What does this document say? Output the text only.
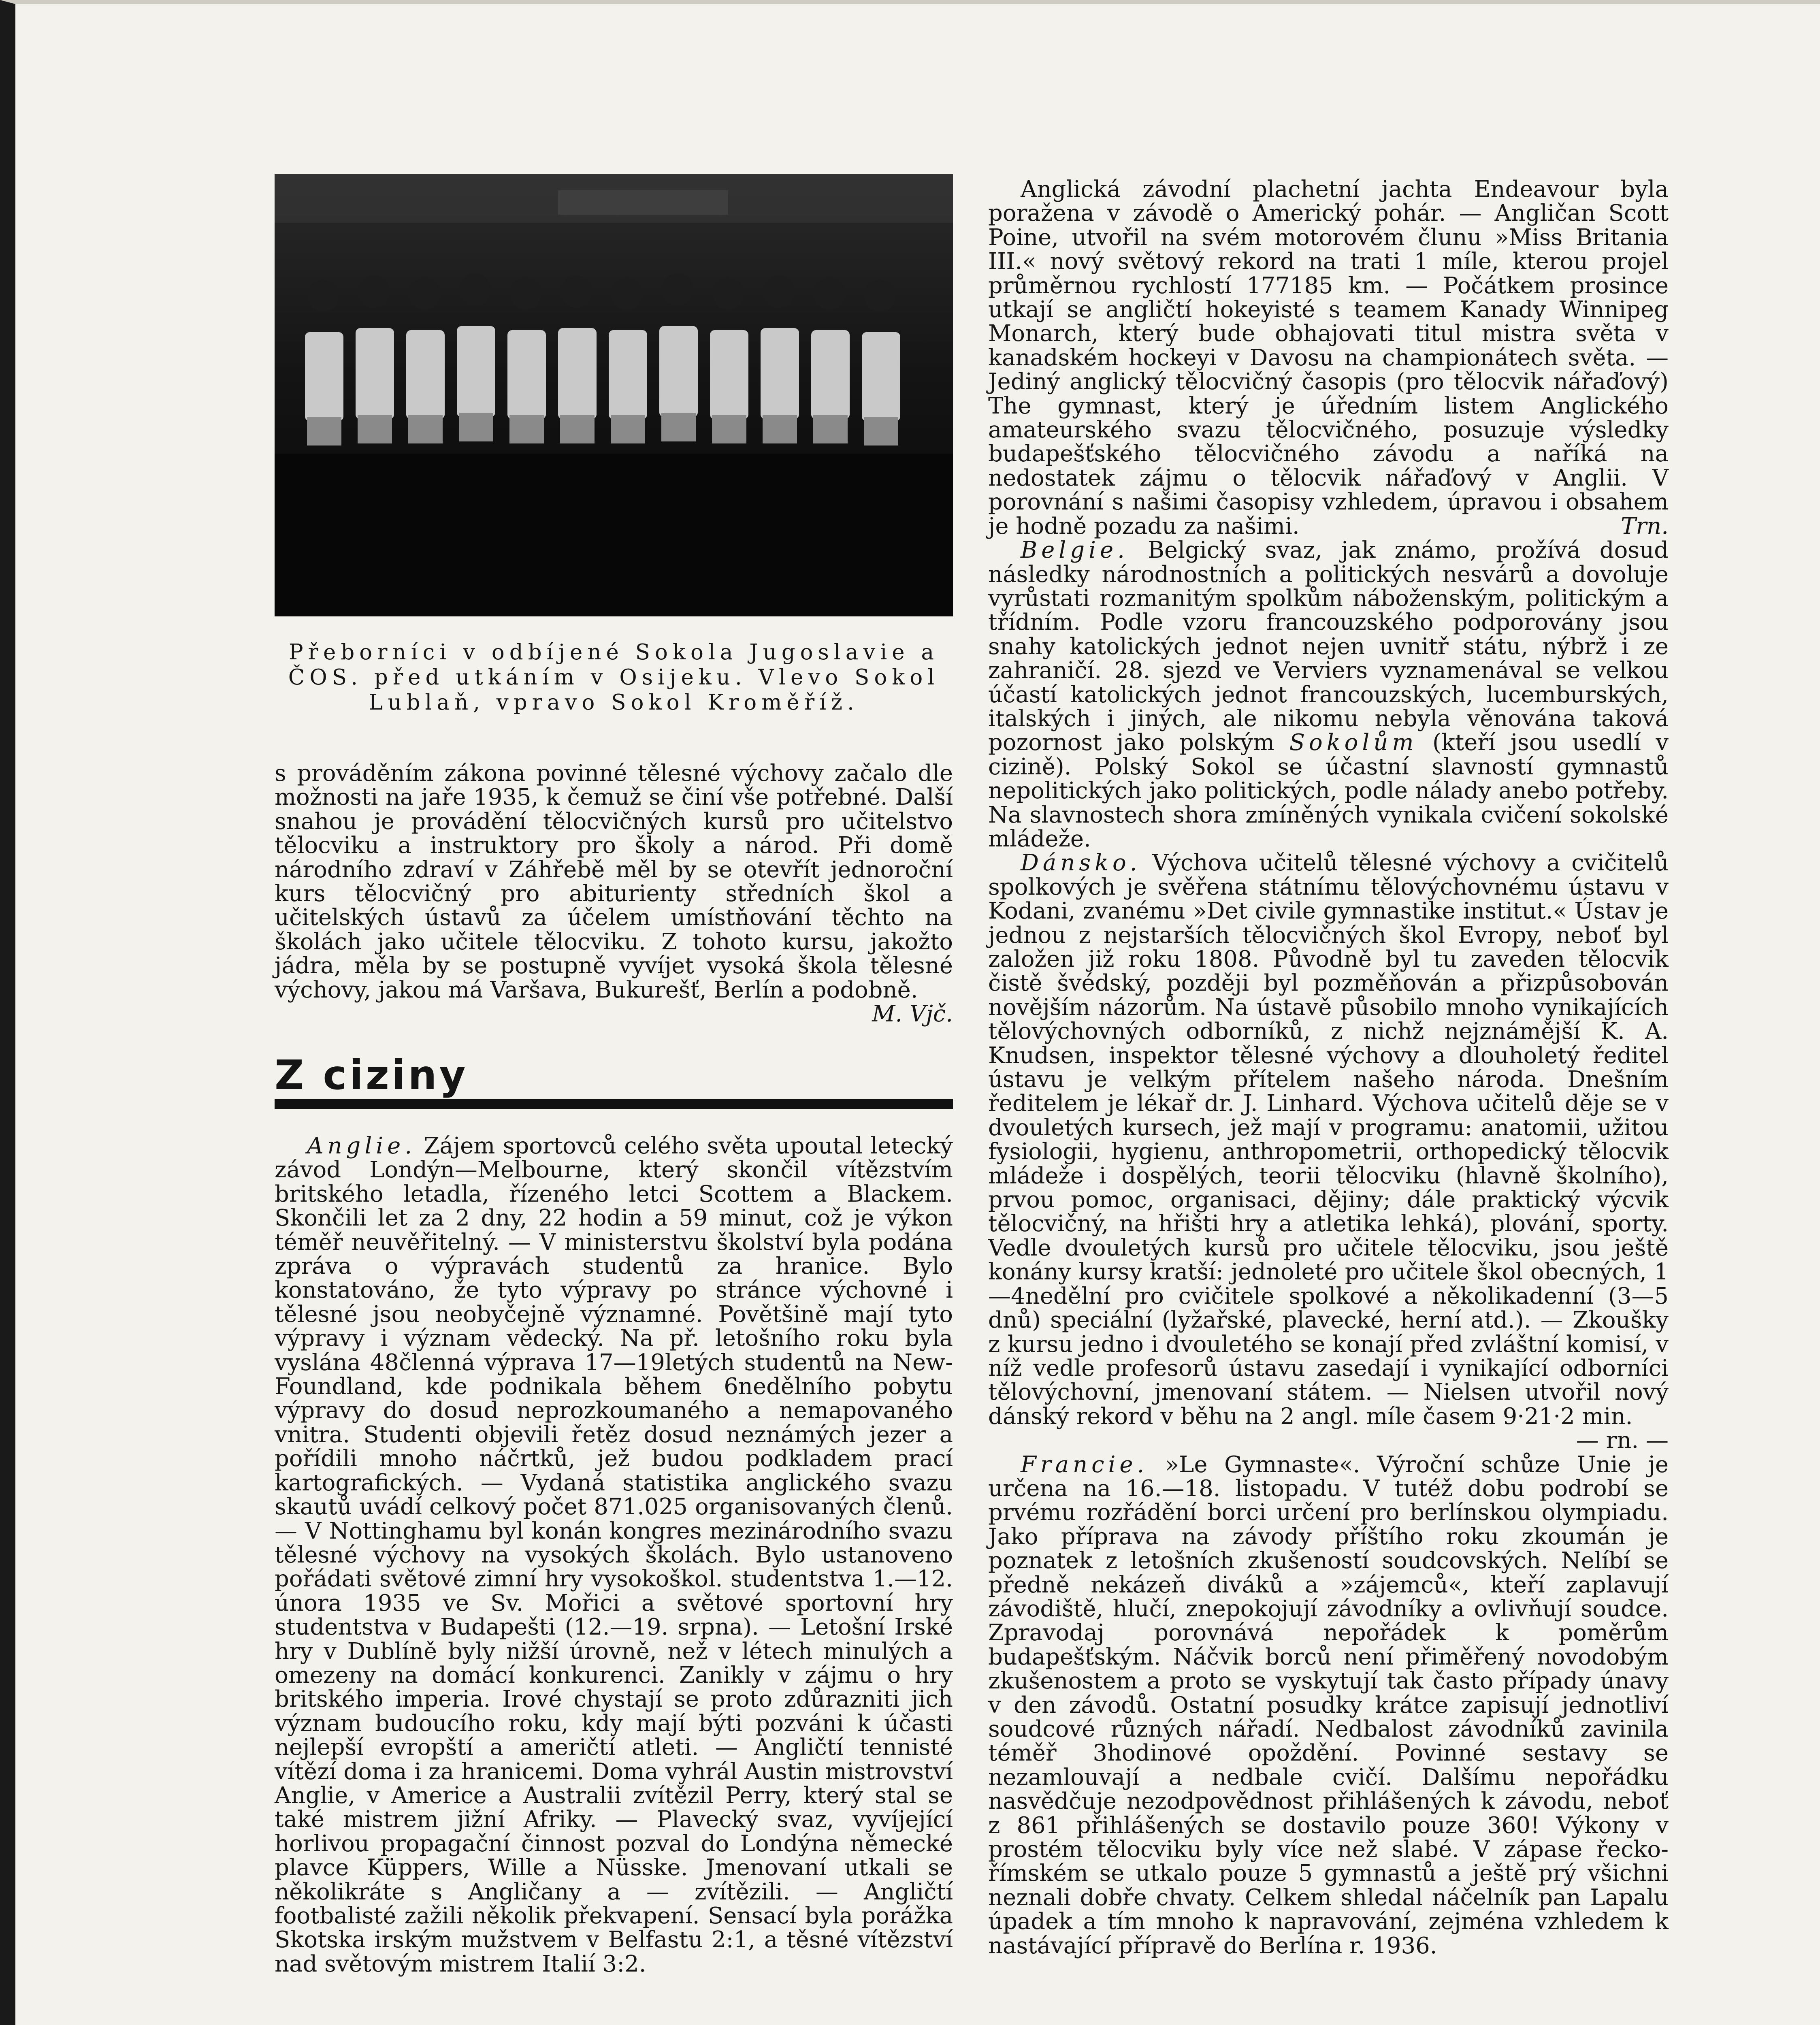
Přeborníci v odbíjené Sokola Jugoslavie a ČOS. před utkáním v Osijeku. Vlevo Sokol Lublaň, vpravo Sokol Kroměříž.

s prováděním zákona povinné tělesné výchovy začalo dle možnosti na jaře 1935, k čemuž se činí vše potřebné. Další snahou je provádění tělocvičných kursů pro učitelstvo tělocviku a instruktory pro školy a národ. Při domě národního zdraví v Záhřebě měl by se otevřít jednoroční kurs tělocvičný pro abiturienty středních škol a učitelských ústavů za účelem umístňování těchto na školách jako učitele tělocviku. Z tohoto kursu, jakožto jádra, měla by se postupně vyvíjet vysoká škola tělesné výchovy, jakou má Varšava, Bukurešť, Berlín a podobně.
M. Vjč.

Z ciziny

Anglie. Zájem sportovců celého světa upoutal letecký závod Londýn—Melbourne, který skončil vítězstvím britského letadla, řízeného letci Scottem a Blackem. Skončili let za 2 dny, 22 hodin a 59 minut, což je výkon téměř neuvěřitelný. — V ministerstvu školství byla podána zpráva o výpravách studentů za hranice. Bylo konstatováno, že tyto výpravy po stránce výchovné i tělesné jsou neobyčejně významné. Povětšině mají tyto výpravy i význam vědecký. Na př. letošního roku byla vyslána 48členná výprava 17—19letých studentů na New-Foundland, kde podnikala během 6nedělního pobytu výpravy do dosud neprozkoumaného a nemapovaného vnitra. Studenti objevili řetěz dosud neznámých jezer a pořídili mnoho náčrtků, jež budou podkladem prací kartografických. — Vydaná statistika anglického svazu skautů uvádí celkový počet 871.025 organisovaných členů. — V Nottinghamu byl konán kongres mezinárodního svazu tělesné výchovy na vysokých školách. Bylo ustanoveno pořádati světové zimní hry vysokoškol. studentstva 1.—12. února 1935 ve Sv. Mořici a světové sportovní hry studentstva v Budapešti (12.—19. srpna). — Letošní Irské hry v Dublíně byly nižší úrovně, než v létech minulých a omezeny na domácí konkurenci. Zanikly v zájmu o hry britského imperia. Irové chystají se proto zdůrazniti jich význam budoucího roku, kdy mají býti pozváni k účasti nejlepší evropští a američtí atleti. — Angličtí tennisté vítězí doma i za hranicemi. Doma vyhrál Austin mistrovství Anglie, v Americe a Australii zvítězil Perry, který stal se také mistrem jižní Afriky. — Plavecký svaz, vyvíjející horlivou propagační činnost pozval do Londýna německé plavce Küppers, Wille a Nüsske. Jmenovaní utkali se několikráte s Angličany a — zvítězili. — Angličtí footbalisté zažili několik překvapení. Sensací byla porážka Skotska irským mužstvem v Belfastu 2:1, a těsné vítězství nad světovým mistrem Italií 3:2.

Anglická závodní plachetní jachta Endeavour byla poražena v závodě o Americký pohár. — Angličan Scott Poine, utvořil na svém motorovém člunu »Miss Britania III.« nový světový rekord na trati 1 míle, kterou projel průměrnou rychlostí 177185 km. — Počátkem prosince utkají se angličtí hokeyisté s teamem Kanady Winnipeg Monarch, který bude obhajovati titul mistra světa v kanadském hockeyi v Davosu na championátech světa. — Jediný anglický tělocvičný časopis (pro tělocvik nářaďový) The gymnast, který je úředním listem Anglického amateurského svazu tělocvičného, posuzuje výsledky budapešťského tělocvičného závodu a naříká na nedostatek zájmu o tělocvik nářaďový v Anglii. V porovnání s našimi časopisy vzhledem, úpravou i obsahem je hodně pozadu za našimi.	Trn.

Belgie. Belgický svaz, jak známo, prožívá dosud následky národnostních a politických nesvárů a dovoluje vyrůstati rozmanitým spolkům náboženským, politickým a třídním. Podle vzoru francouzského podporovány jsou snahy katolických jednot nejen uvnitř státu, nýbrž i ze zahraničí. 28. sjezd ve Verviers vyznamenával se velkou účastí katolických jednot francouzských, lucemburských, italských i jiných, ale nikomu nebyla věnována taková pozornost jako polským Sokolům (kteří jsou usedlí v cizině). Polský Sokol se účastní slavností gymnastů nepolitických jako politických, podle nálady anebo potřeby. Na slavnostech shora zmíněných vynikala cvičení sokolské mládeže.

Dánsko. Výchova učitelů tělesné výchovy a cvičitelů spolkových je svěřena státnímu tělovýchovnému ústavu v Kodani, zvanému »Det civile gymnastike institut.« Ústav je jednou z nejstarších tělocvičných škol Evropy, neboť byl založen již roku 1808. Původně byl tu zaveden tělocvik čistě švédský, později byl pozměňován a přizpůsobován novějším názorům. Na ústavě působilo mnoho vynikajících tělovýchovných odborníků, z nichž nejznámější K. A. Knudsen, inspektor tělesné výchovy a dlouholetý ředitel ústavu je velkým přítelem našeho národa. Dnešním ředitelem je lékař dr. J. Linhard. Výchova učitelů děje se v dvouletých kursech, jež mají v programu: anatomii, užitou fysiologii, hygienu, anthropometrii, orthopedický tělocvik mládeže i dospělých, teorii tělocviku (hlavně školního), prvou pomoc, organisaci, dějiny; dále praktický výcvik tělocvičný, na hřišti hry a atletika lehká), plování, sporty. Vedle dvouletých kursů pro učitele tělocviku, jsou ještě konány kursy kratší: jednoleté pro učitele škol obecných, 1—4nedělní pro cvičitele spolkové a několikadenní (3—5 dnů) speciální (lyžařské, plavecké, herní atd.). — Zkoušky z kursu jedno i dvouletého se konají před zvláštní komisí, v níž vedle profesorů ústavu zasedají i vynikající odborníci tělovýchovní, jmenovaní státem. — Nielsen utvořil nový dánský rekord v běhu na 2 angl. míle časem 9·21·2 min.

— rn. —

Francie. »Le Gymnaste«. Výroční schůze Unie je určena na 16.—18. listopadu. V tutéž dobu podrobí se prvému rozřádění borci určení pro berlínskou olympiadu. Jako příprava na závody příštího roku zkoumán je poznatek z letošních zkušeností soudcovských. Nelíbí se předně nekázeň diváků a »zájemců«, kteří zaplavují závodiště, hlučí, znepokojují závodníky a ovlivňují soudce. Zpravodaj porovnává nepořádek k poměrům budapešťským. Náčvik borců není přiměřený novodobým zkušenostem a proto se vyskytují tak často případy únavy v den závodů. Ostatní posudky krátce zapisují jednotliví soudcové různých nářadí. Nedbalost závodníků zavinila téměř 3hodinové opoždění. Povinné sestavy se nezamlouvají a nedbale cvičí. Dalšímu nepořádku nasvědčuje nezodpovědnost přihlášených k závodu, neboť z 861 přihlášených se dostavilo pouze 360! Výkony v prostém tělocviku byly více než slabé. V zápase řecko-římském se utkalo pouze 5 gymnastů a ještě prý všichni neznali dobře chvaty. Celkem shledal náčelník pan Lapalu úpadek a tím mnoho k napravování, zejména vzhledem k nastávající přípravě do Berlína r. 1936.
